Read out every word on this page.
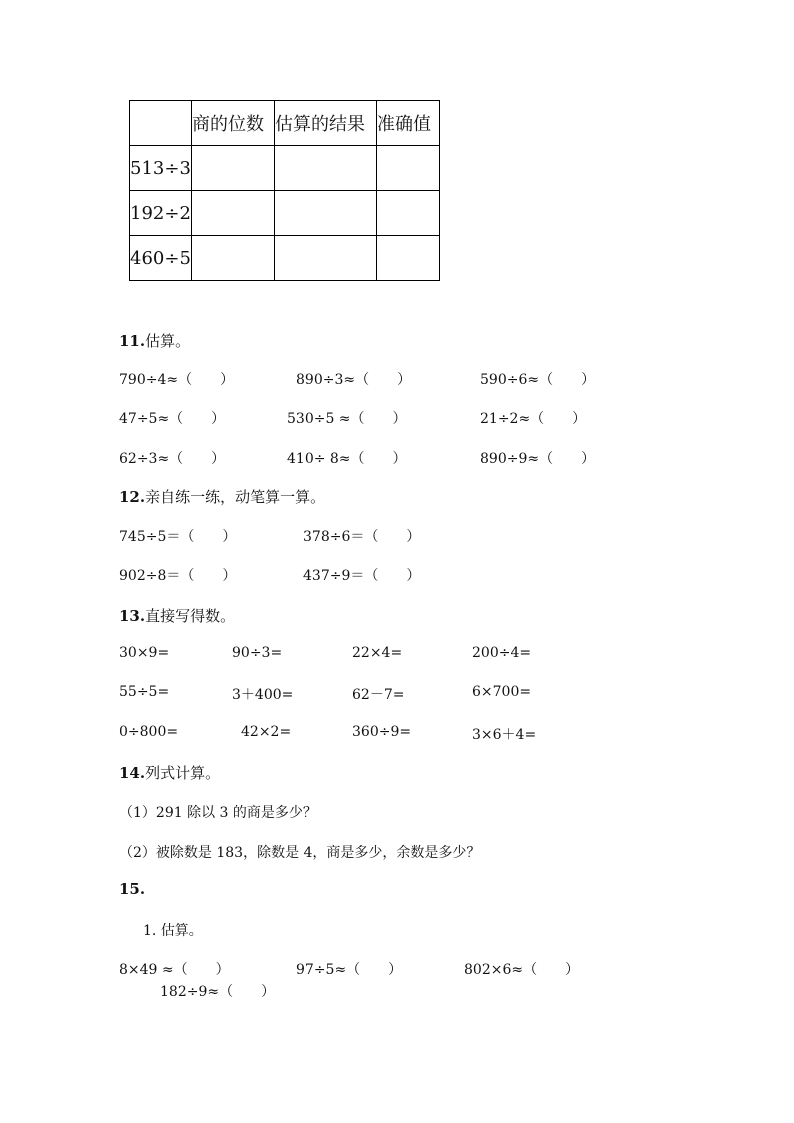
	商的位数	估算的结果	准确值
513÷3			
192÷2			
460÷5			
11.估算。
790÷4≈（　　）	890÷3≈（　　）	590÷6≈（　　）
47÷5≈（　　）	530÷5 ≈（　　）	21÷2≈（　　）
62÷3≈（　　）	410÷ 8≈（　　）	890÷9≈（　　）
12.亲自练一练，动笔算一算。
745÷5＝（　　）	378÷6＝（　　）
902÷8＝（　　）	437÷9＝（　　）
13.直接写得数。
30×9=	90÷3=	22×4=	200÷4=
55÷5=	3＋400=	62－7=	6×700=
0÷800=	42×2=	360÷9=	3×6＋4=
14.列式计算。
（1）291 除以 3 的商是多少？
（2）被除数是 183，除数是 4，商是多少，余数是多少？
15.
1. 估算。
8×49 ≈（　　）	97÷5≈（　　）	802×6≈（　　）
182÷9≈（　　）
